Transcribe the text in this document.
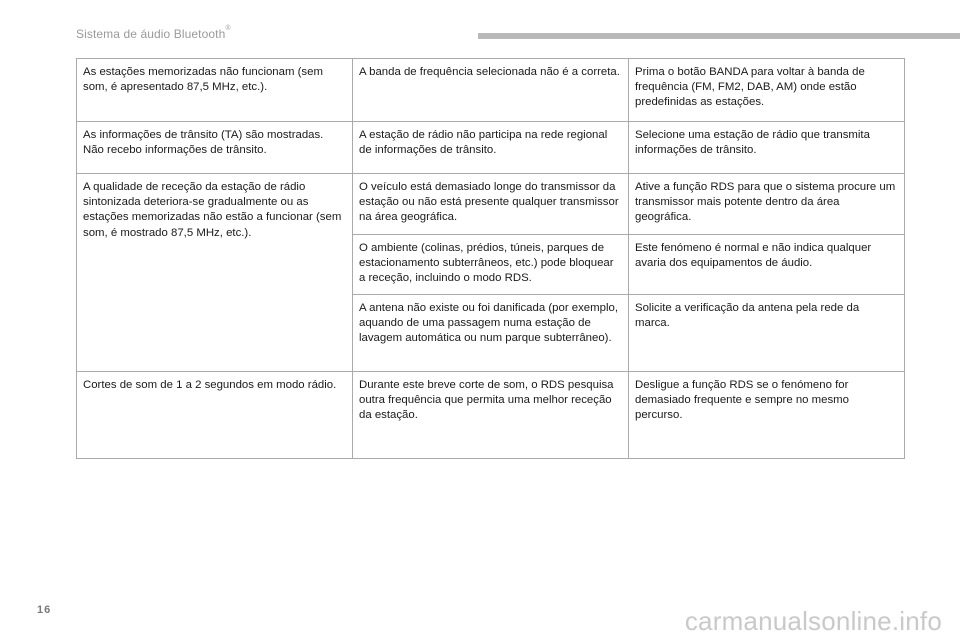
Sistema de áudio Bluetooth®
As estações memorizadas não funcionam (sem som, é apresentado 87,5 MHz, etc.).	A banda de frequência selecionada não é a correta.	Prima o botão BANDA para voltar à banda de frequência (FM, FM2, DAB, AM) onde estão predefinidas as estações.
As informações de trânsito (TA) são mostradas. Não recebo informações de trânsito.	A estação de rádio não participa na rede regional de informações de trânsito.	Selecione uma estação de rádio que transmita informações de trânsito.
A qualidade de receção da estação de rádio sintonizada deteriora-se gradualmente ou as estações memorizadas não estão a funcionar (sem som, é mostrado 87,5 MHz, etc.).	O veículo está demasiado longe do transmissor da estação ou não está presente qualquer transmissor na área geográfica.	Ative a função RDS para que o sistema procure um transmissor mais potente dentro da área geográfica.
	O ambiente (colinas, prédios, túneis, parques de estacionamento subterrâneos, etc.) pode bloquear a receção, incluindo o modo RDS.	Este fenómeno é normal e não indica qualquer avaria dos equipamentos de áudio.
	A antena não existe ou foi danificada (por exemplo, aquando de uma passagem numa estação de lavagem automática ou num parque subterrâneo).	Solicite a verificação da antena pela rede da marca.
Cortes de som de 1 a 2 segundos em modo rádio.	Durante este breve corte de som, o RDS pesquisa outra frequência que permita uma melhor receção da estação.	Desligue a função RDS se o fenómeno for demasiado frequente e sempre no mesmo percurso.
16	carmanualsonline.info
